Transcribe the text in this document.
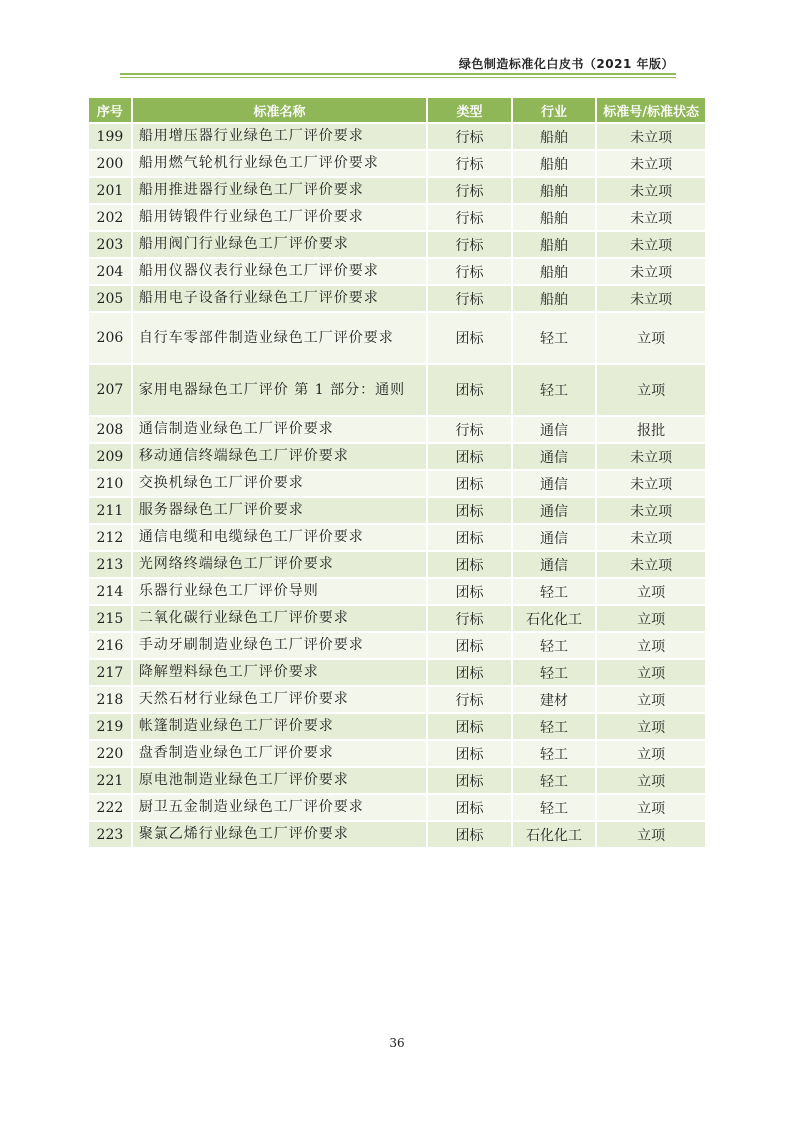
绿色制造标准化白皮书（2021 年版）
序号	标准名称	类型	行业	标准号/标准状态
199	船用增压器行业绿色工厂评价要求	行标	船舶	未立项
200	船用燃气轮机行业绿色工厂评价要求	行标	船舶	未立项
201	船用推进器行业绿色工厂评价要求	行标	船舶	未立项
202	船用铸锻件行业绿色工厂评价要求	行标	船舶	未立项
203	船用阀门行业绿色工厂评价要求	行标	船舶	未立项
204	船用仪器仪表行业绿色工厂评价要求	行标	船舶	未立项
205	船用电子设备行业绿色工厂评价要求	行标	船舶	未立项
206	自行车零部件制造业绿色工厂评价要求	团标	轻工	立项
207	家用电器绿色工厂评价 第 1 部分：通则	团标	轻工	立项
208	通信制造业绿色工厂评价要求	行标	通信	报批
209	移动通信终端绿色工厂评价要求	团标	通信	未立项
210	交换机绿色工厂评价要求	团标	通信	未立项
211	服务器绿色工厂评价要求	团标	通信	未立项
212	通信电缆和电缆绿色工厂评价要求	团标	通信	未立项
213	光网络终端绿色工厂评价要求	团标	通信	未立项
214	乐器行业绿色工厂评价导则	团标	轻工	立项
215	二氧化碳行业绿色工厂评价要求	行标	石化化工	立项
216	手动牙刷制造业绿色工厂评价要求	团标	轻工	立项
217	降解塑料绿色工厂评价要求	团标	轻工	立项
218	天然石材行业绿色工厂评价要求	行标	建材	立项
219	帐篷制造业绿色工厂评价要求	团标	轻工	立项
220	盘香制造业绿色工厂评价要求	团标	轻工	立项
221	原电池制造业绿色工厂评价要求	团标	轻工	立项
222	厨卫五金制造业绿色工厂评价要求	团标	轻工	立项
223	聚氯乙烯行业绿色工厂评价要求	团标	石化化工	立项
36
